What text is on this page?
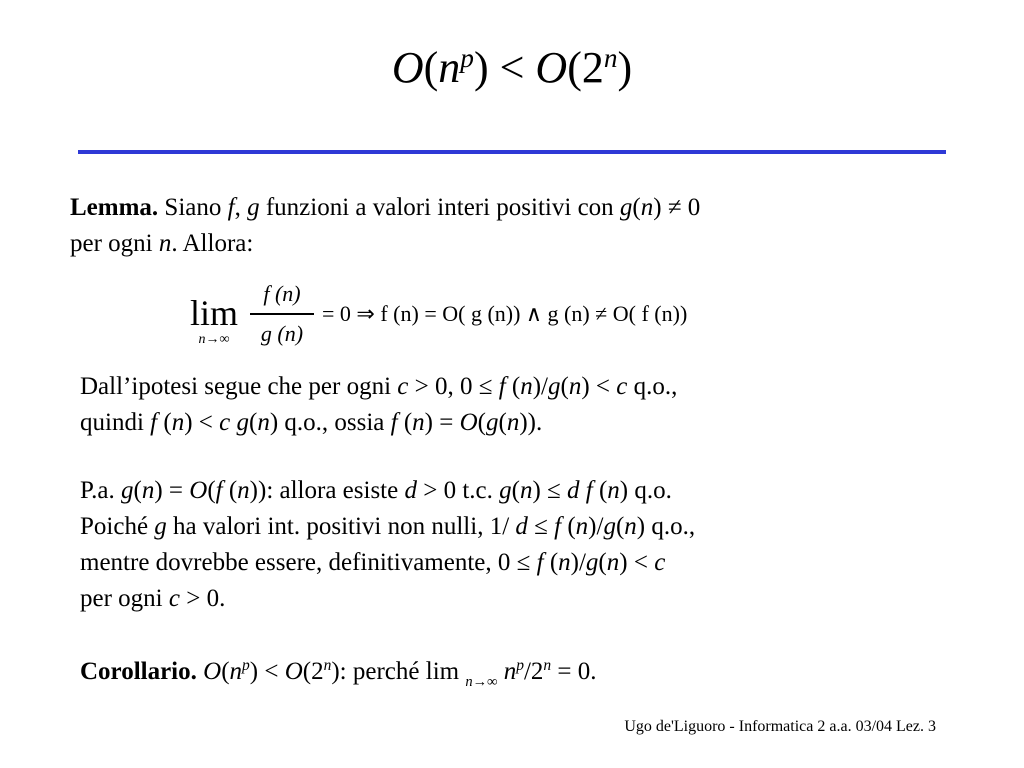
$O(n^p) < O(2^n)$
Lemma. Siano f, g funzioni a valori interi positivi con g(n) ≠ 0
per ogni n. Allora:
lim
n→∞
f (n)
g (n)
= 0 ⇒ f (n) = O( g (n)) ∧ g (n) ≠ O( f (n))
Dall’ipotesi segue che per ogni c > 0, 0 ≤ f (n)/g(n) < c q.o.,
quindi f (n) < c g(n) q.o., ossia f (n) = O(g(n)).
P.a. g(n) = O(f (n)): allora esiste d > 0 t.c. g(n) ≤ d f (n) q.o.
Poiché g ha valori int. positivi non nulli, 1/ d ≤ f (n)/g(n) q.o.,
mentre dovrebbe essere, definitivamente, 0 ≤ f (n)/g(n) < c
per ogni c > 0.
Corollario. $O(n^p) < O(2^n)$: perché lim $_{n\to\infty}$ $n^p/2^n = 0$.
Ugo de'Liguoro - Informatica 2 a.a. 03/04 Lez. 3
